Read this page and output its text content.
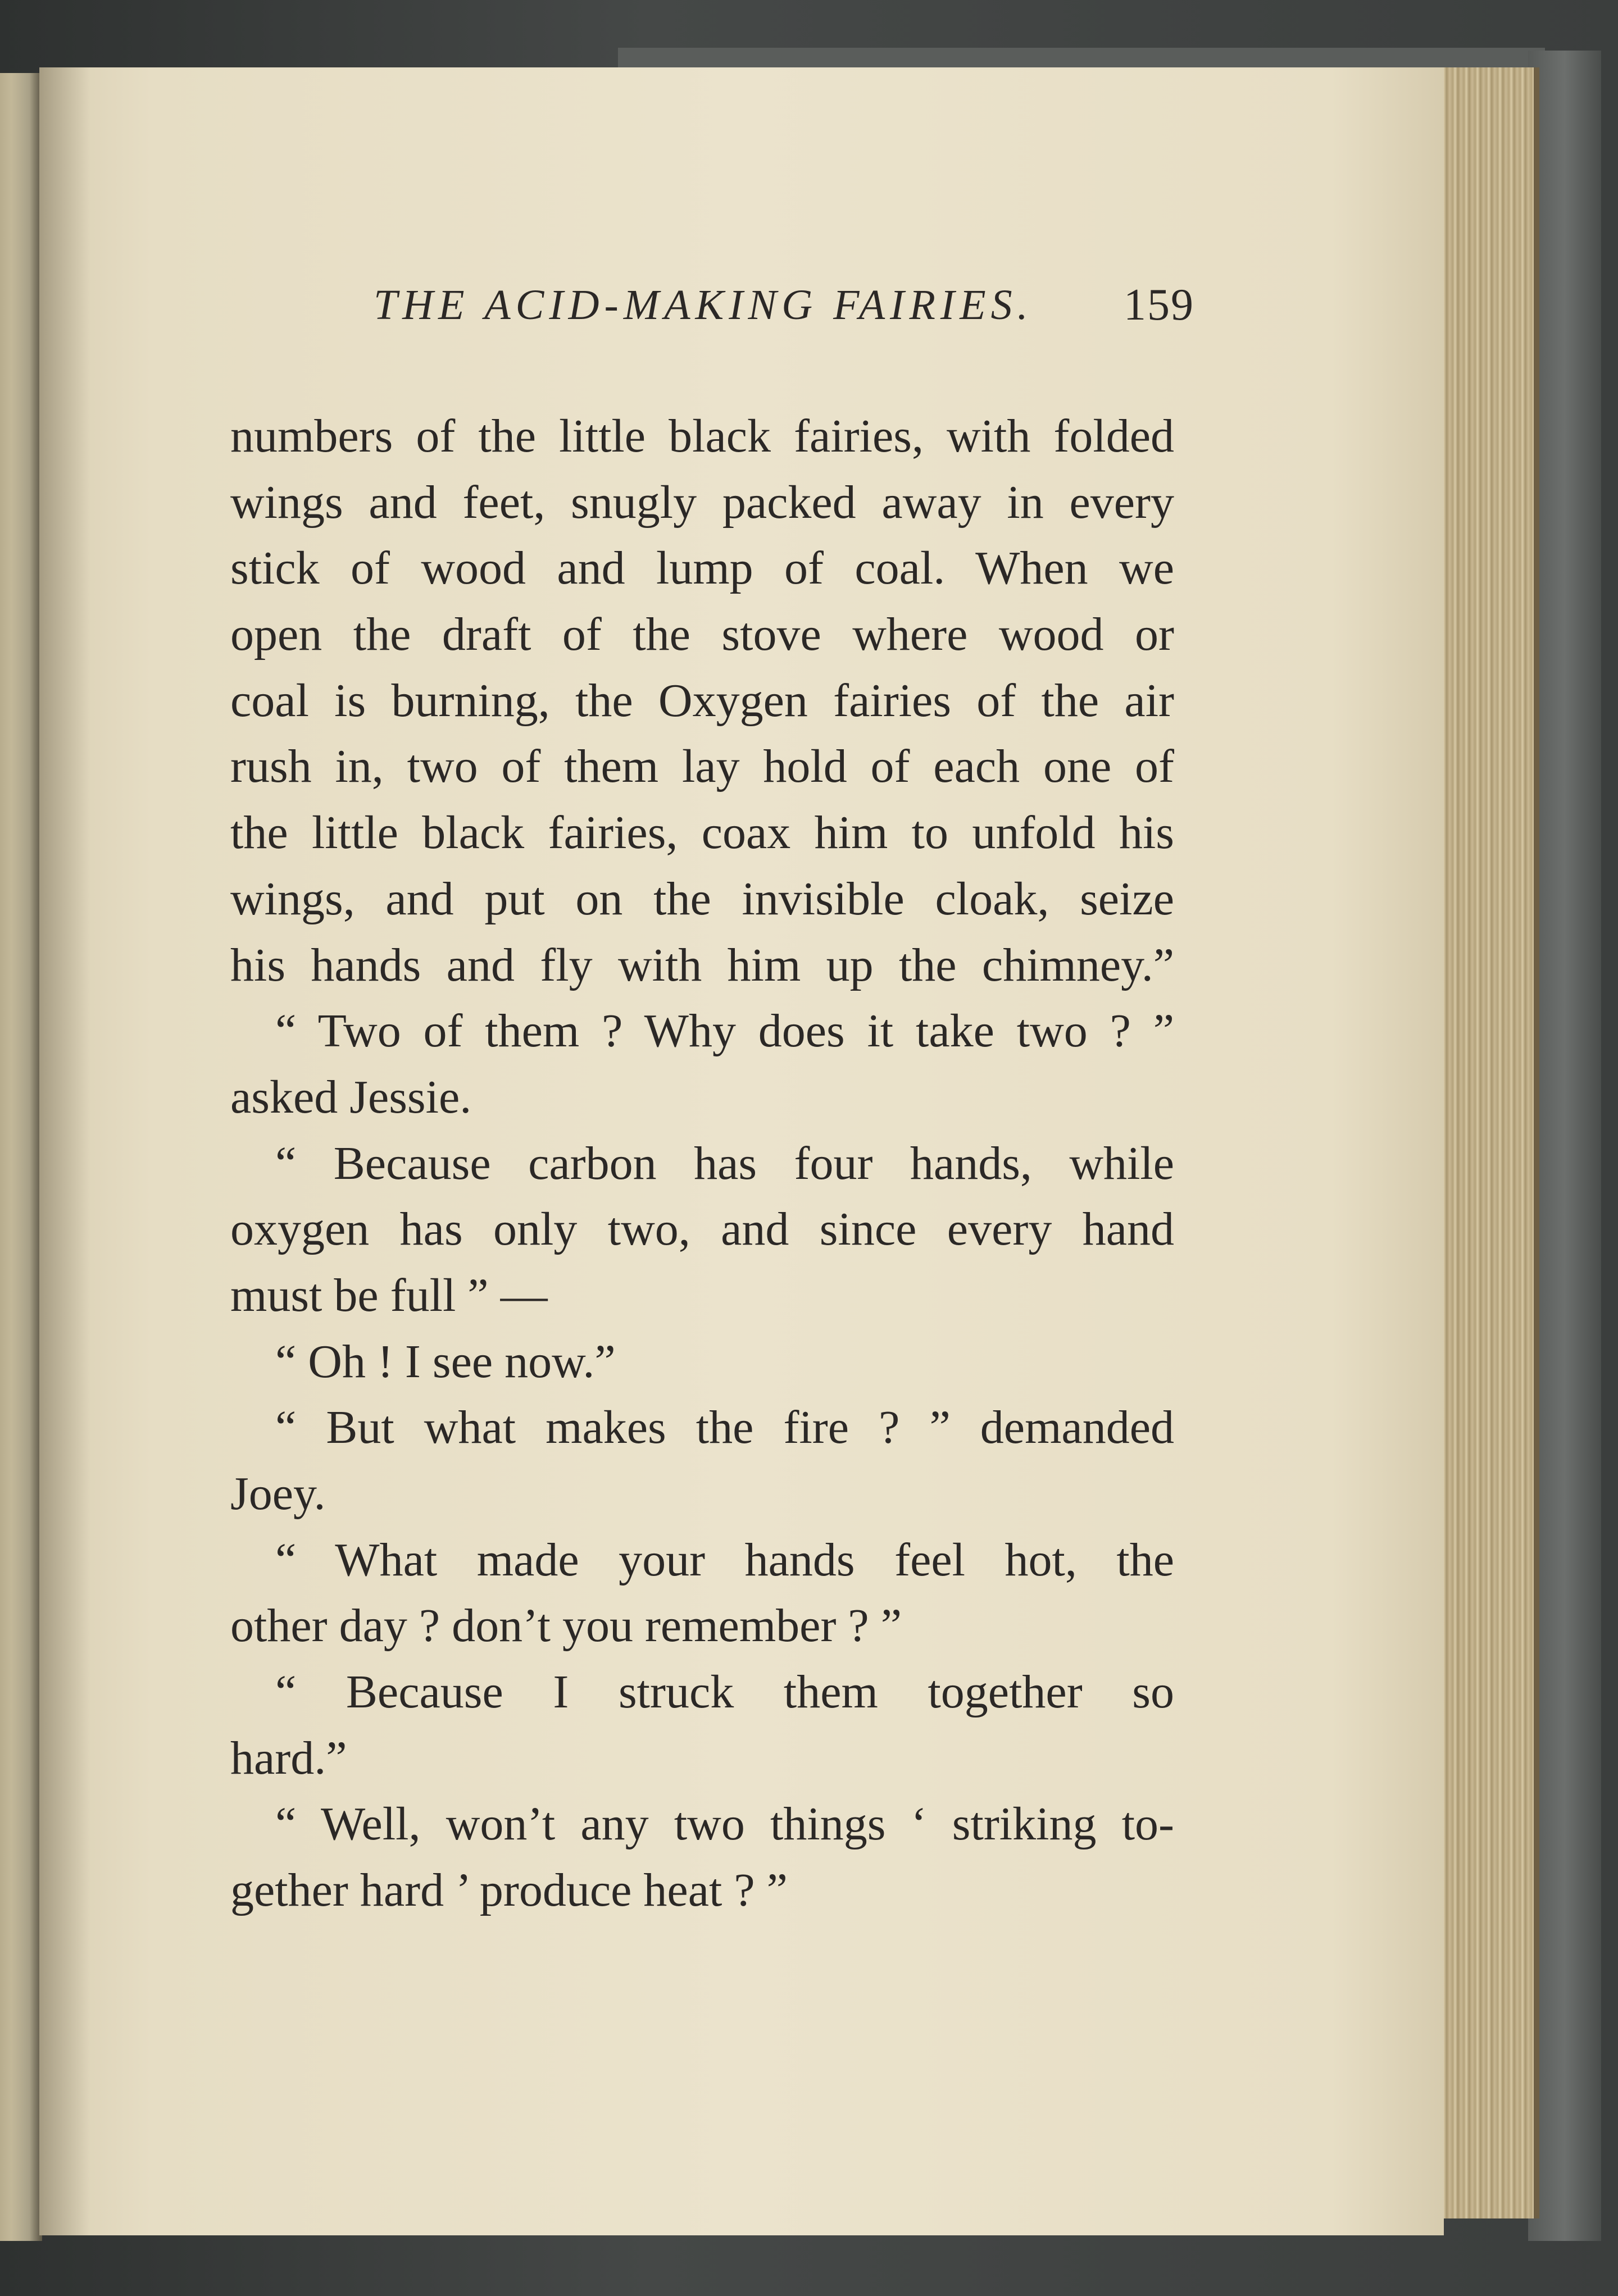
THE ACID-MAKING FAIRIES. 159
numbers of the little black fairies, with folded
wings and feet, snugly packed away in every
stick of wood and lump of coal. When we
open the draft of the stove where wood or
coal is burning, the Oxygen fairies of the air
rush in, two of them lay hold of each one of
the little black fairies, coax him to unfold his
wings, and put on the invisible cloak, seize
his hands and fly with him up the chimney.”
“ Two of them ? Why does it take two ? ”
asked Jessie.
“ Because carbon has four hands, while
oxygen has only two, and since every hand
must be full ” —
“ Oh ! I see now.”
“ But what makes the fire ? ” demanded
Joey.
“ What made your hands feel hot, the
other day ? don’t you remember ? ”
“ Because I struck them together so
hard.”
“ Well, won’t any two things ‘ striking to-
gether hard ’ produce heat ? ”
